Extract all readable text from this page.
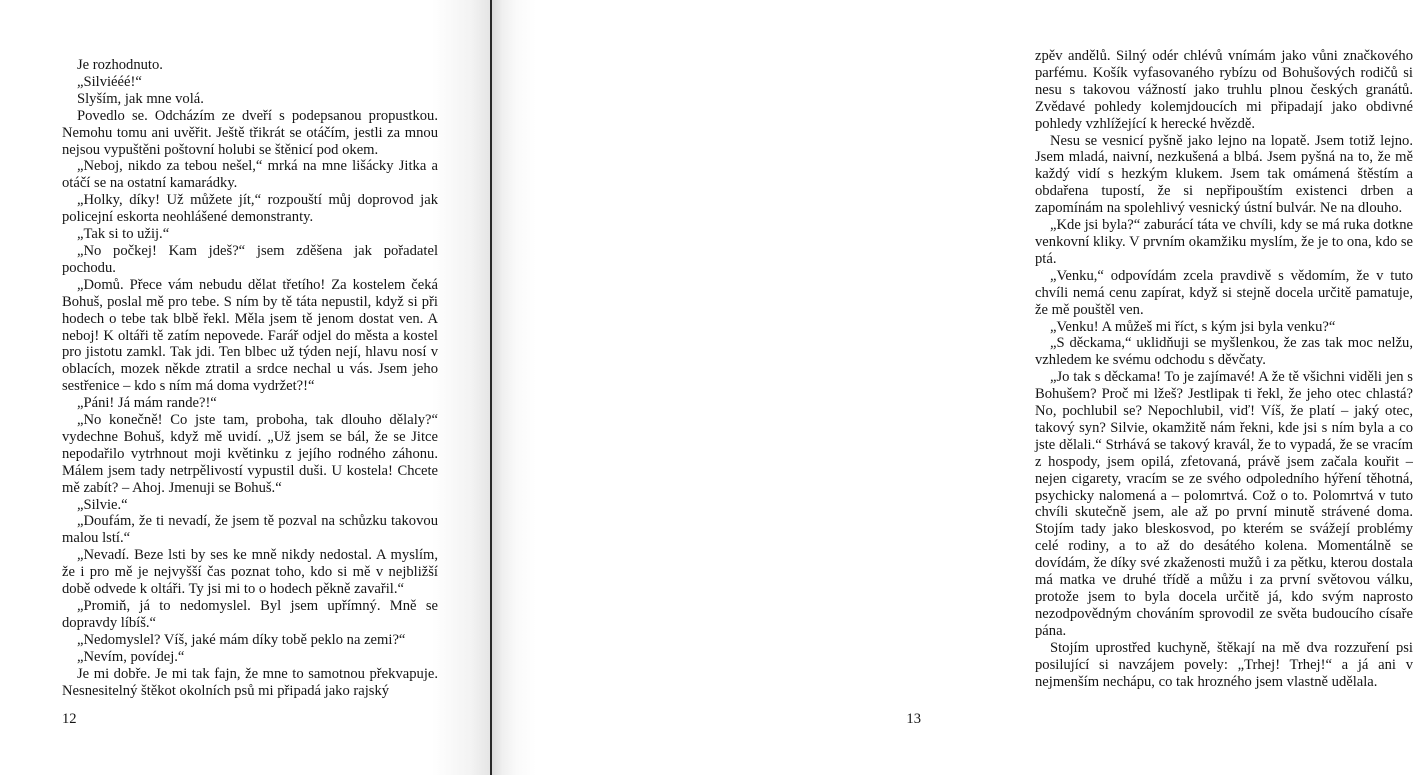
Je rozhodnuto.

„Silviééé!“

Slyším, jak mne volá.

Povedlo se. Odcházím ze dveří s podepsanou propustkou. Nemohu tomu ani uvěřit. Ještě třikrát se otáčím, jestli za mnou nejsou vypuštěni poštovní holubi se štěnicí pod okem.

„Neboj, nikdo za tebou nešel,“ mrká na mne lišácky Jitka a otáčí se na ostatní kamarádky.

„Holky, díky! Už můžete jít,“ rozpouští můj doprovod jak policejní eskorta neohlášené demonstranty.

„Tak si to užij.“

„No počkej! Kam jdeš?“ jsem zděšena jak pořadatel pochodu.

„Domů. Přece vám nebudu dělat třetího! Za kostelem čeká Bohuš, poslal mě pro tebe. S ním by tě táta nepustil, když si při hodech o tebe tak blbě řekl. Měla jsem tě jenom dostat ven. A neboj! K oltáři tě zatím nepovede. Farář odjel do města a kostel pro jistotu zamkl. Tak jdi. Ten blbec už týden nejí, hlavu nosí v oblacích, mozek někde ztratil a srdce nechal u vás. Jsem jeho sestřenice – kdo s ním má doma vydržet?!“

„Páni! Já mám rande?!“

„No konečně! Co jste tam, proboha, tak dlouho dělaly?“ vydechne Bohuš, když mě uvidí. „Už jsem se bál, že se Jitce nepodařilo vytrhnout moji květinku z jejího rodného záhonu. Málem jsem tady netrpělivostí vypustil duši. U kostela! Chcete mě zabít? – Ahoj. Jmenuji se Bohuš.“

„Silvie.“

„Doufám, že ti nevadí, že jsem tě pozval na schůzku takovou malou lstí.“

„Nevadí. Beze lsti by ses ke mně nikdy nedostal. A myslím, že i pro mě je nejvyšší čas poznat toho, kdo si mě v nejbližší době odvede k oltáři. Ty jsi mi to o hodech pěkně zavařil.“

„Promiň, já to nedomyslel. Byl jsem upřímný. Mně se dopravdy líbíš.“

„Nedomyslel? Víš, jaké mám díky tobě peklo na zemi?“

„Nevím, povídej.“

Je mi dobře. Je mi tak fajn, že mne to samotnou překvapuje. Nesnesitelný štěkot okolních psů mi připadá jako rajský

12

zpěv andělů. Silný odér chlévů vnímám jako vůni značkového parfému. Košík vyfasovaného rybízu od Bohušových rodičů si nesu s takovou vážností jako truhlu plnou českých granátů. Zvědavé pohledy kolemjdoucích mi připadají jako obdivné pohledy vzhlížející k herecké hvězdě.

Nesu se vesnicí pyšně jako lejno na lopatě. Jsem totiž lejno. Jsem mladá, naivní, nezkušená a blbá. Jsem pyšná na to, že mě každý vidí s hezkým klukem. Jsem tak omámená štěstím a obdařena tupostí, že si nepřipouštím existenci drben a zapomínám na spolehlivý vesnický ústní bulvár. Ne na dlouho.

„Kde jsi byla?“ zaburácí táta ve chvíli, kdy se má ruka dotkne venkovní kliky. V prvním okamžiku myslím, že je to ona, kdo se ptá.

„Venku,“ odpovídám zcela pravdivě s vědomím, že v tuto chvíli nemá cenu zapírat, když si stejně docela určitě pamatuje, že mě pouštěl ven.

„Venku! A můžeš mi říct, s kým jsi byla venku?“

„S děckama,“ uklidňuji se myšlenkou, že zas tak moc nelžu, vzhledem ke svému odchodu s děvčaty.

„Jo tak s děckama! To je zajímavé! A že tě všichni viděli jen s Bohušem? Proč mi lžeš? Jestlipak ti řekl, že jeho otec chlastá? No, pochlubil se? Nepochlubil, viď! Víš, že platí – jaký otec, takový syn? Silvie, okamžitě nám řekni, kde jsi s ním byla a co jste dělali.“ Strhává se takový kravál, že to vypadá, že se vracím z hospody, jsem opilá, zfetovaná, právě jsem začala kouřit – nejen cigarety, vracím se ze svého odpoledního hýření těhotná, psychicky nalomená a – polomrtvá. Což o to. Polomrtvá v tuto chvíli skutečně jsem, ale až po první minutě strávené doma. Stojím tady jako bleskosvod, po kterém se svážejí problémy celé rodiny, a to až do desátého kolena. Momentálně se dovídám, že díky své zkaženosti mužů i za pětku, kterou dostala má matka ve druhé třídě a můžu i za první světovou válku, protože jsem to byla docela určitě já, kdo svým naprosto nezodpovědným chováním sprovodil ze světa budoucího císaře pána.

Stojím uprostřed kuchyně, štěkají na mě dva rozzuření psi posilující si navzájem povely: „Trhej! Trhej!“ a já ani v nejmenším nechápu, co tak hrozného jsem vlastně udělala.

13
